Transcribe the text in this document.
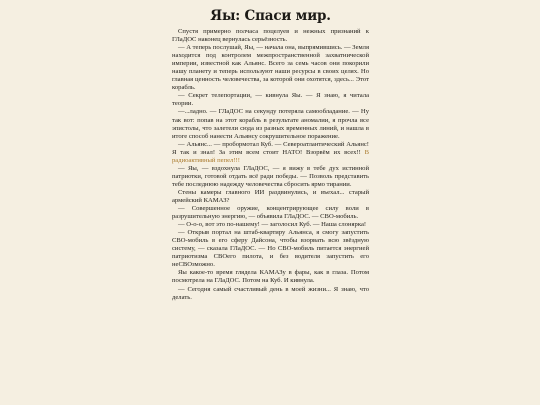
Яы: Спаси мир.

Спустя примерно полчаса поцелуев и нежных признаний к ГЛаДОС наконец вернулась серьёзность.

— А теперь послушай, Яы, — начала она, выпрямившись. — Земля находится под контролем межпространственной захватнической империи, известной как Альянс. Всего за семь часов они покорили нашу планету и теперь используют наши ресурсы в своих целях. Но главная ценность человечества, за которой они охотятся, здесь... Этот корабль.

— Секрет телепортации, — кивнула Яы. — Я знаю, я читала теории.

—...ладно. — ГЛаДОС на секунду потеряла самообладание. — Ну так вот: попав на этот корабль в результате аномалии, я прочла все эпистолы, что залетели сюда из разных временных линий, и нашла в итоге способ нанести Альянсу сокрушительное поражение.

— Альянс... — пробормотал Куб. — Североатлантический Альянс! Я так и знал! За этим всем стоит НАТО! Взорвём их всех!! В радиоактивный пепел!!!

— Яы, — вздохнула ГЛаДОС, — я вижу в тебе дух истинной патриотки, готовой отдать всё ради победы. — Позволь представить тебе последнюю надежду человечества сбросить ярмо тирании.

Стены камеры главного ИИ раздвинулись, и въехал... старый армейский КАМАЗ?

— Совершенное оружие, концентрирующее силу воли в разрушительную энергию, — объявила ГЛаДОС. — СВО-мобиль.

— О-о-о, вот это по-нашему! — заголосил Куб. — Наша слонярка!

— Открыв портал на штаб-квартиру Альянса, я смогу запустить СВО-мобиль в его сферу Дайсона, чтобы взорвать всю звёздную систему, — сказала ГЛаДОС. — Но СВО-мобиль питается энергией патриотизма СВОего пилота, и без водителя запустить его неСВОзможно.

Яы какое-то время глядела КАМАЗу в фары, как в глаза. Потом посмотрела на ГЛаДОС. Потом на Куб. И кивнула.

— Сегодня самый счастливый день в моей жизни... Я знаю, что делать.
